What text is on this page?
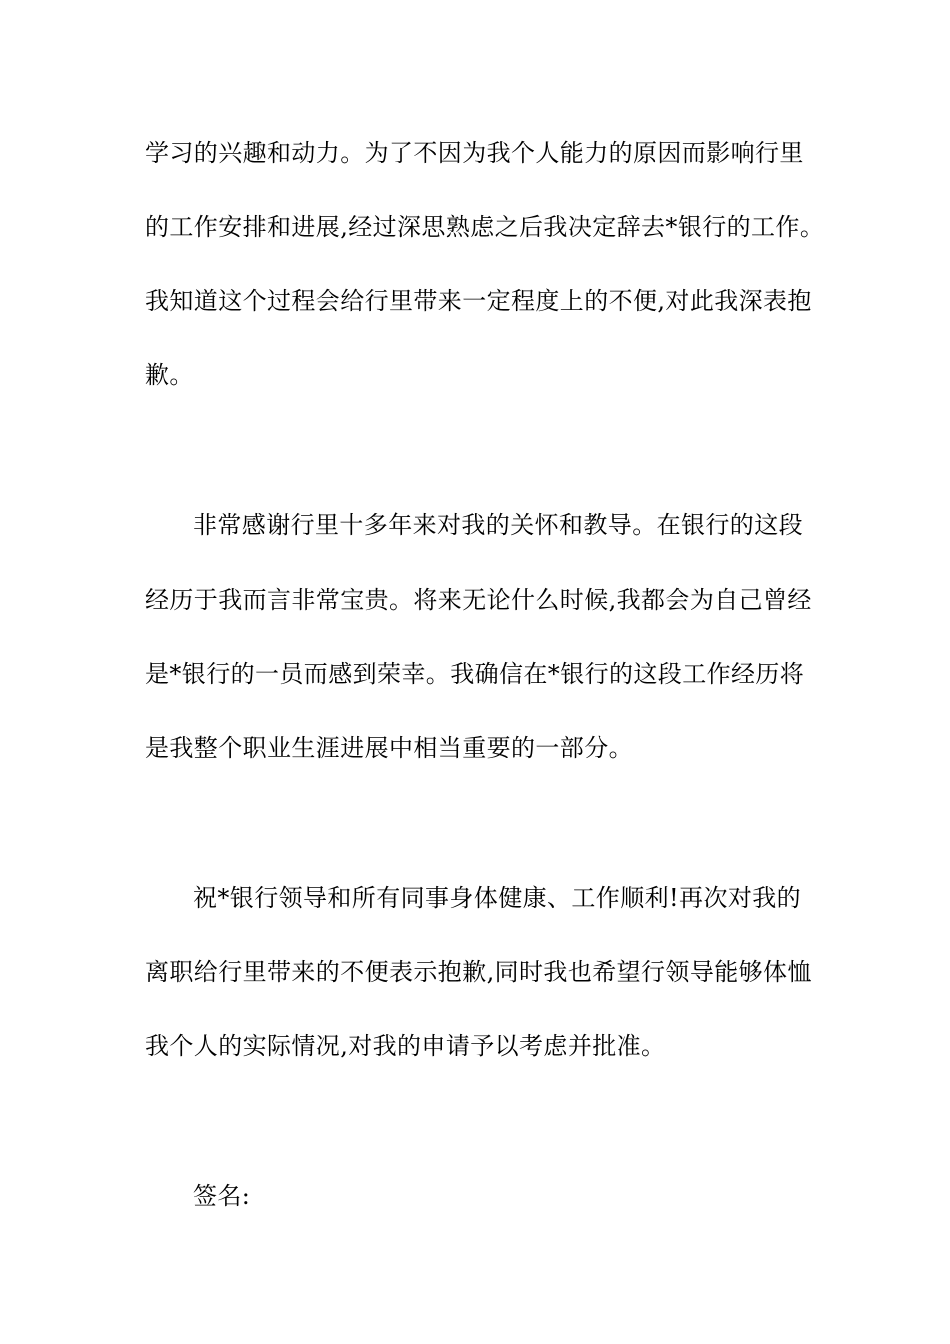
学习的兴趣和动力。为了不因为我个人能力的原因而影响行里
的工作安排和进展,经过深思熟虑之后我决定辞去*银行的工作。
我知道这个过程会给行里带来一定程度上的不便,对此我深表抱
歉。
非常感谢行里十多年来对我的关怀和教导。在银行的这段
经历于我而言非常宝贵。将来无论什么时候,我都会为自己曾经
是*银行的一员而感到荣幸。我确信在*银行的这段工作经历将
是我整个职业生涯进展中相当重要的一部分。
祝*银行领导和所有同事身体健康、工作顺利!再次对我的
离职给行里带来的不便表示抱歉,同时我也希望行领导能够体恤
我个人的实际情况,对我的申请予以考虑并批准。
签名:
